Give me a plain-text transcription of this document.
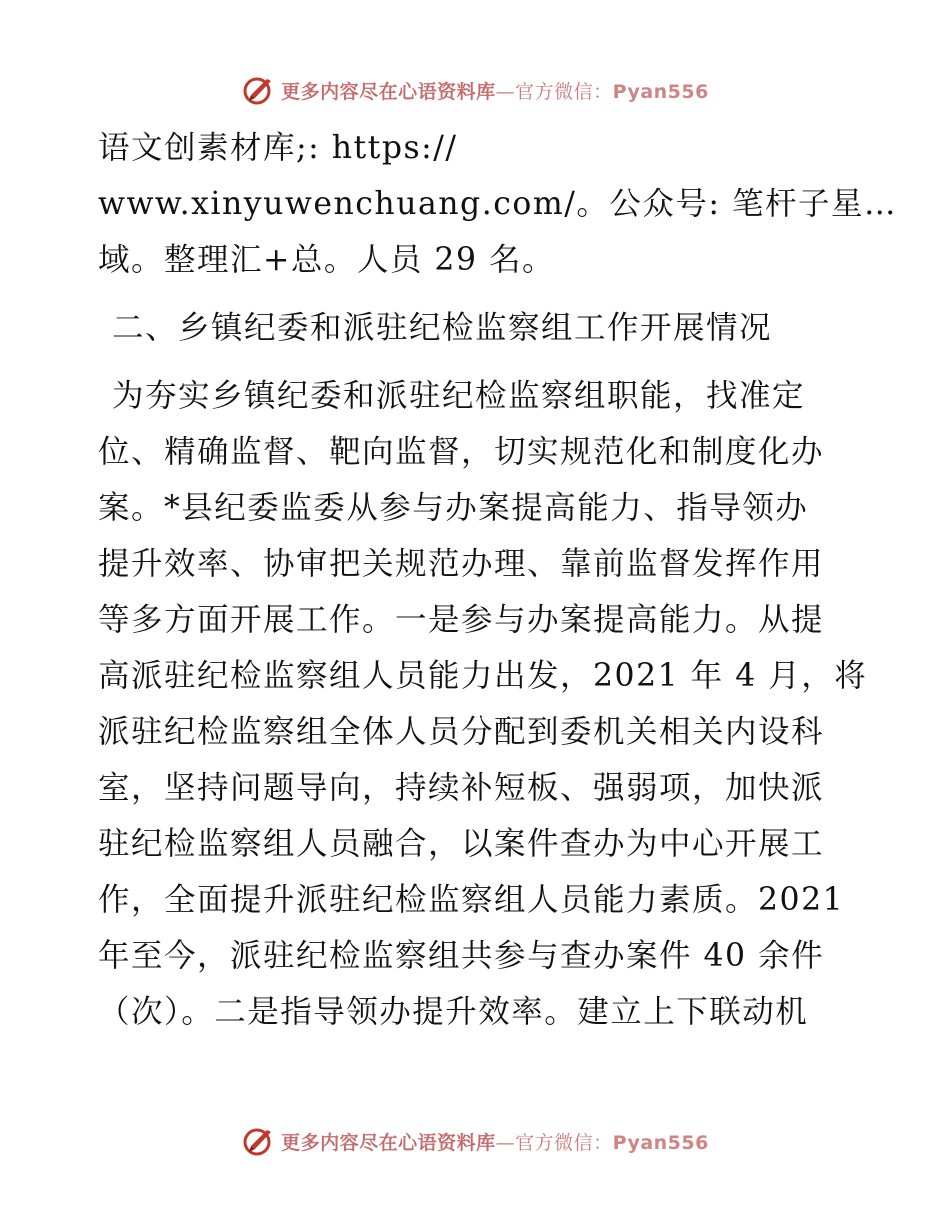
更多内容尽在心语资料库—官方微信：Pyan556
语文创素材库;: https://
www.xinyuwenchuang.com/。公众号: 笔杆子星…
域。整理汇+总。人员 29 名。
二、乡镇纪委和派驻纪检监察组工作开展情况
为夯实乡镇纪委和派驻纪检监察组职能，找准定
位、精确监督、靶向监督，切实规范化和制度化办
案。*县纪委监委从参与办案提高能力、指导领办
提升效率、协审把关规范办理、靠前监督发挥作用
等多方面开展工作。一是参与办案提高能力。从提
高派驻纪检监察组人员能力出发，2021 年 4 月，将
派驻纪检监察组全体人员分配到委机关相关内设科
室，坚持问题导向，持续补短板、强弱项，加快派
驻纪检监察组人员融合，以案件查办为中心开展工
作，全面提升派驻纪检监察组人员能力素质。2021
年至今，派驻纪检监察组共参与查办案件 40 余件
（次）。二是指导领办提升效率。建立上下联动机
更多内容尽在心语资料库—官方微信：Pyan556
